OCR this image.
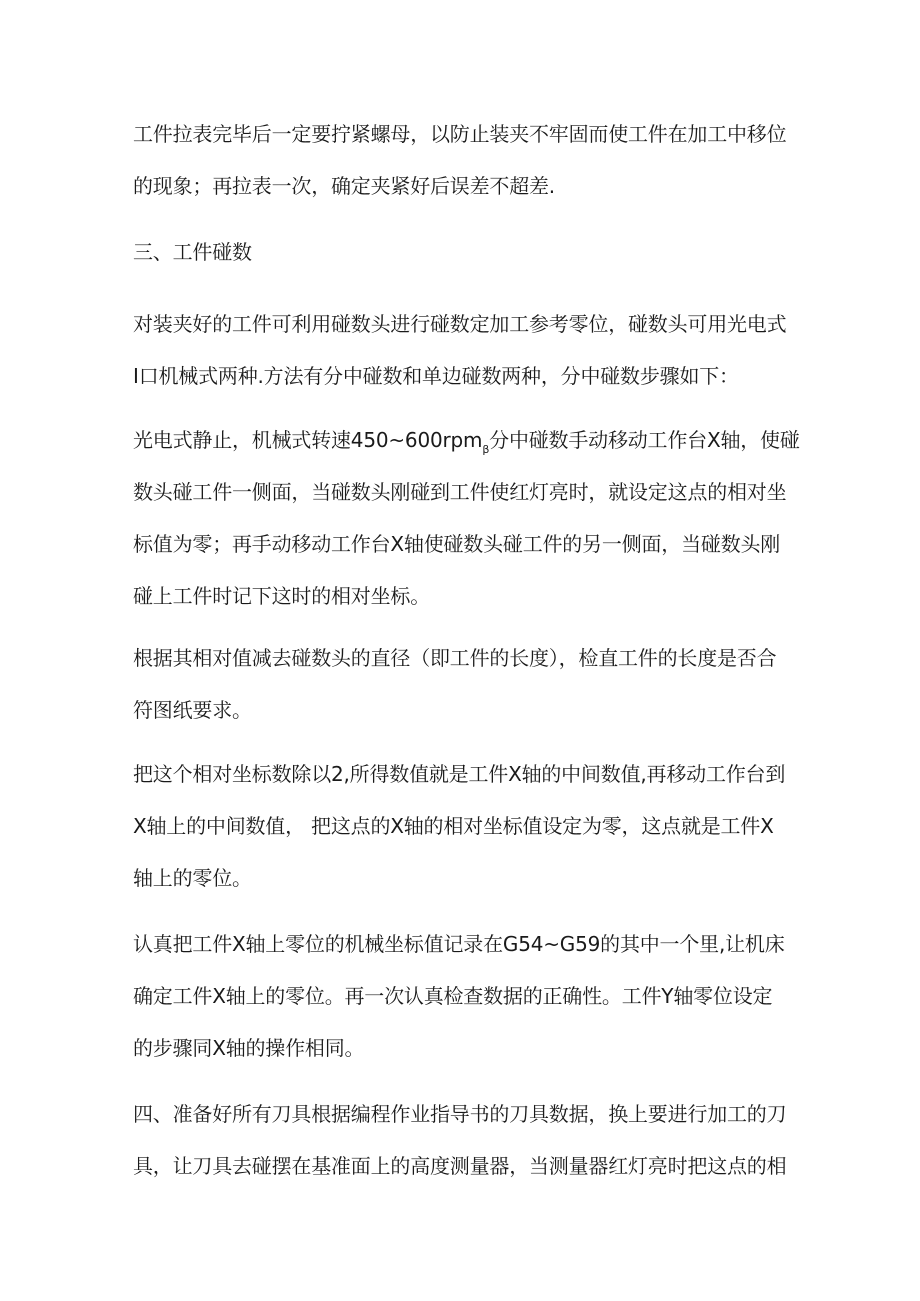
工件拉表完毕后一定要拧紧螺母，以防止装夹不牢固而使工件在加工中移位
的现象；再拉表一次，确定夹紧好后误差不超差.
三、工件碰数
对装夹好的工件可利用碰数头进行碰数定加工参考零位，碰数头可用光电式
I口机械式两种.方法有分中碰数和单边碰数两种，分中碰数步骤如下：
光电式静止，机械式转速450~600rpm$_\beta$分中碰数手动移动工作台X轴，使碰
数头碰工件一侧面，当碰数头刚碰到工件使红灯亮时，就设定这点的相对坐
标值为零；再手动移动工作台X轴使碰数头碰工件的另一侧面，当碰数头刚
碰上工件时记下这时的相对坐标。
根据其相对值减去碰数头的直径（即工件的长度），检直工件的长度是否合
符图纸要求。
把这个相对坐标数除以2,所得数值就是工件X轴的中间数值,再移动工作台到
X轴上的中间数值， 把这点的X轴的相对坐标值设定为零，这点就是工件X
轴上的零位。
认真把工件X轴上零位的机械坐标值记录在G54~G59的其中一个里,让机床
确定工件X轴上的零位。再一次认真检查数据的正确性。工件Y轴零位设定
的步骤同X轴的操作相同。
四、准备好所有刀具根据编程作业指导书的刀具数据，换上要进行加工的刀
具，让刀具去碰摆在基准面上的高度测量器，当测量器红灯亮时把这点的相
